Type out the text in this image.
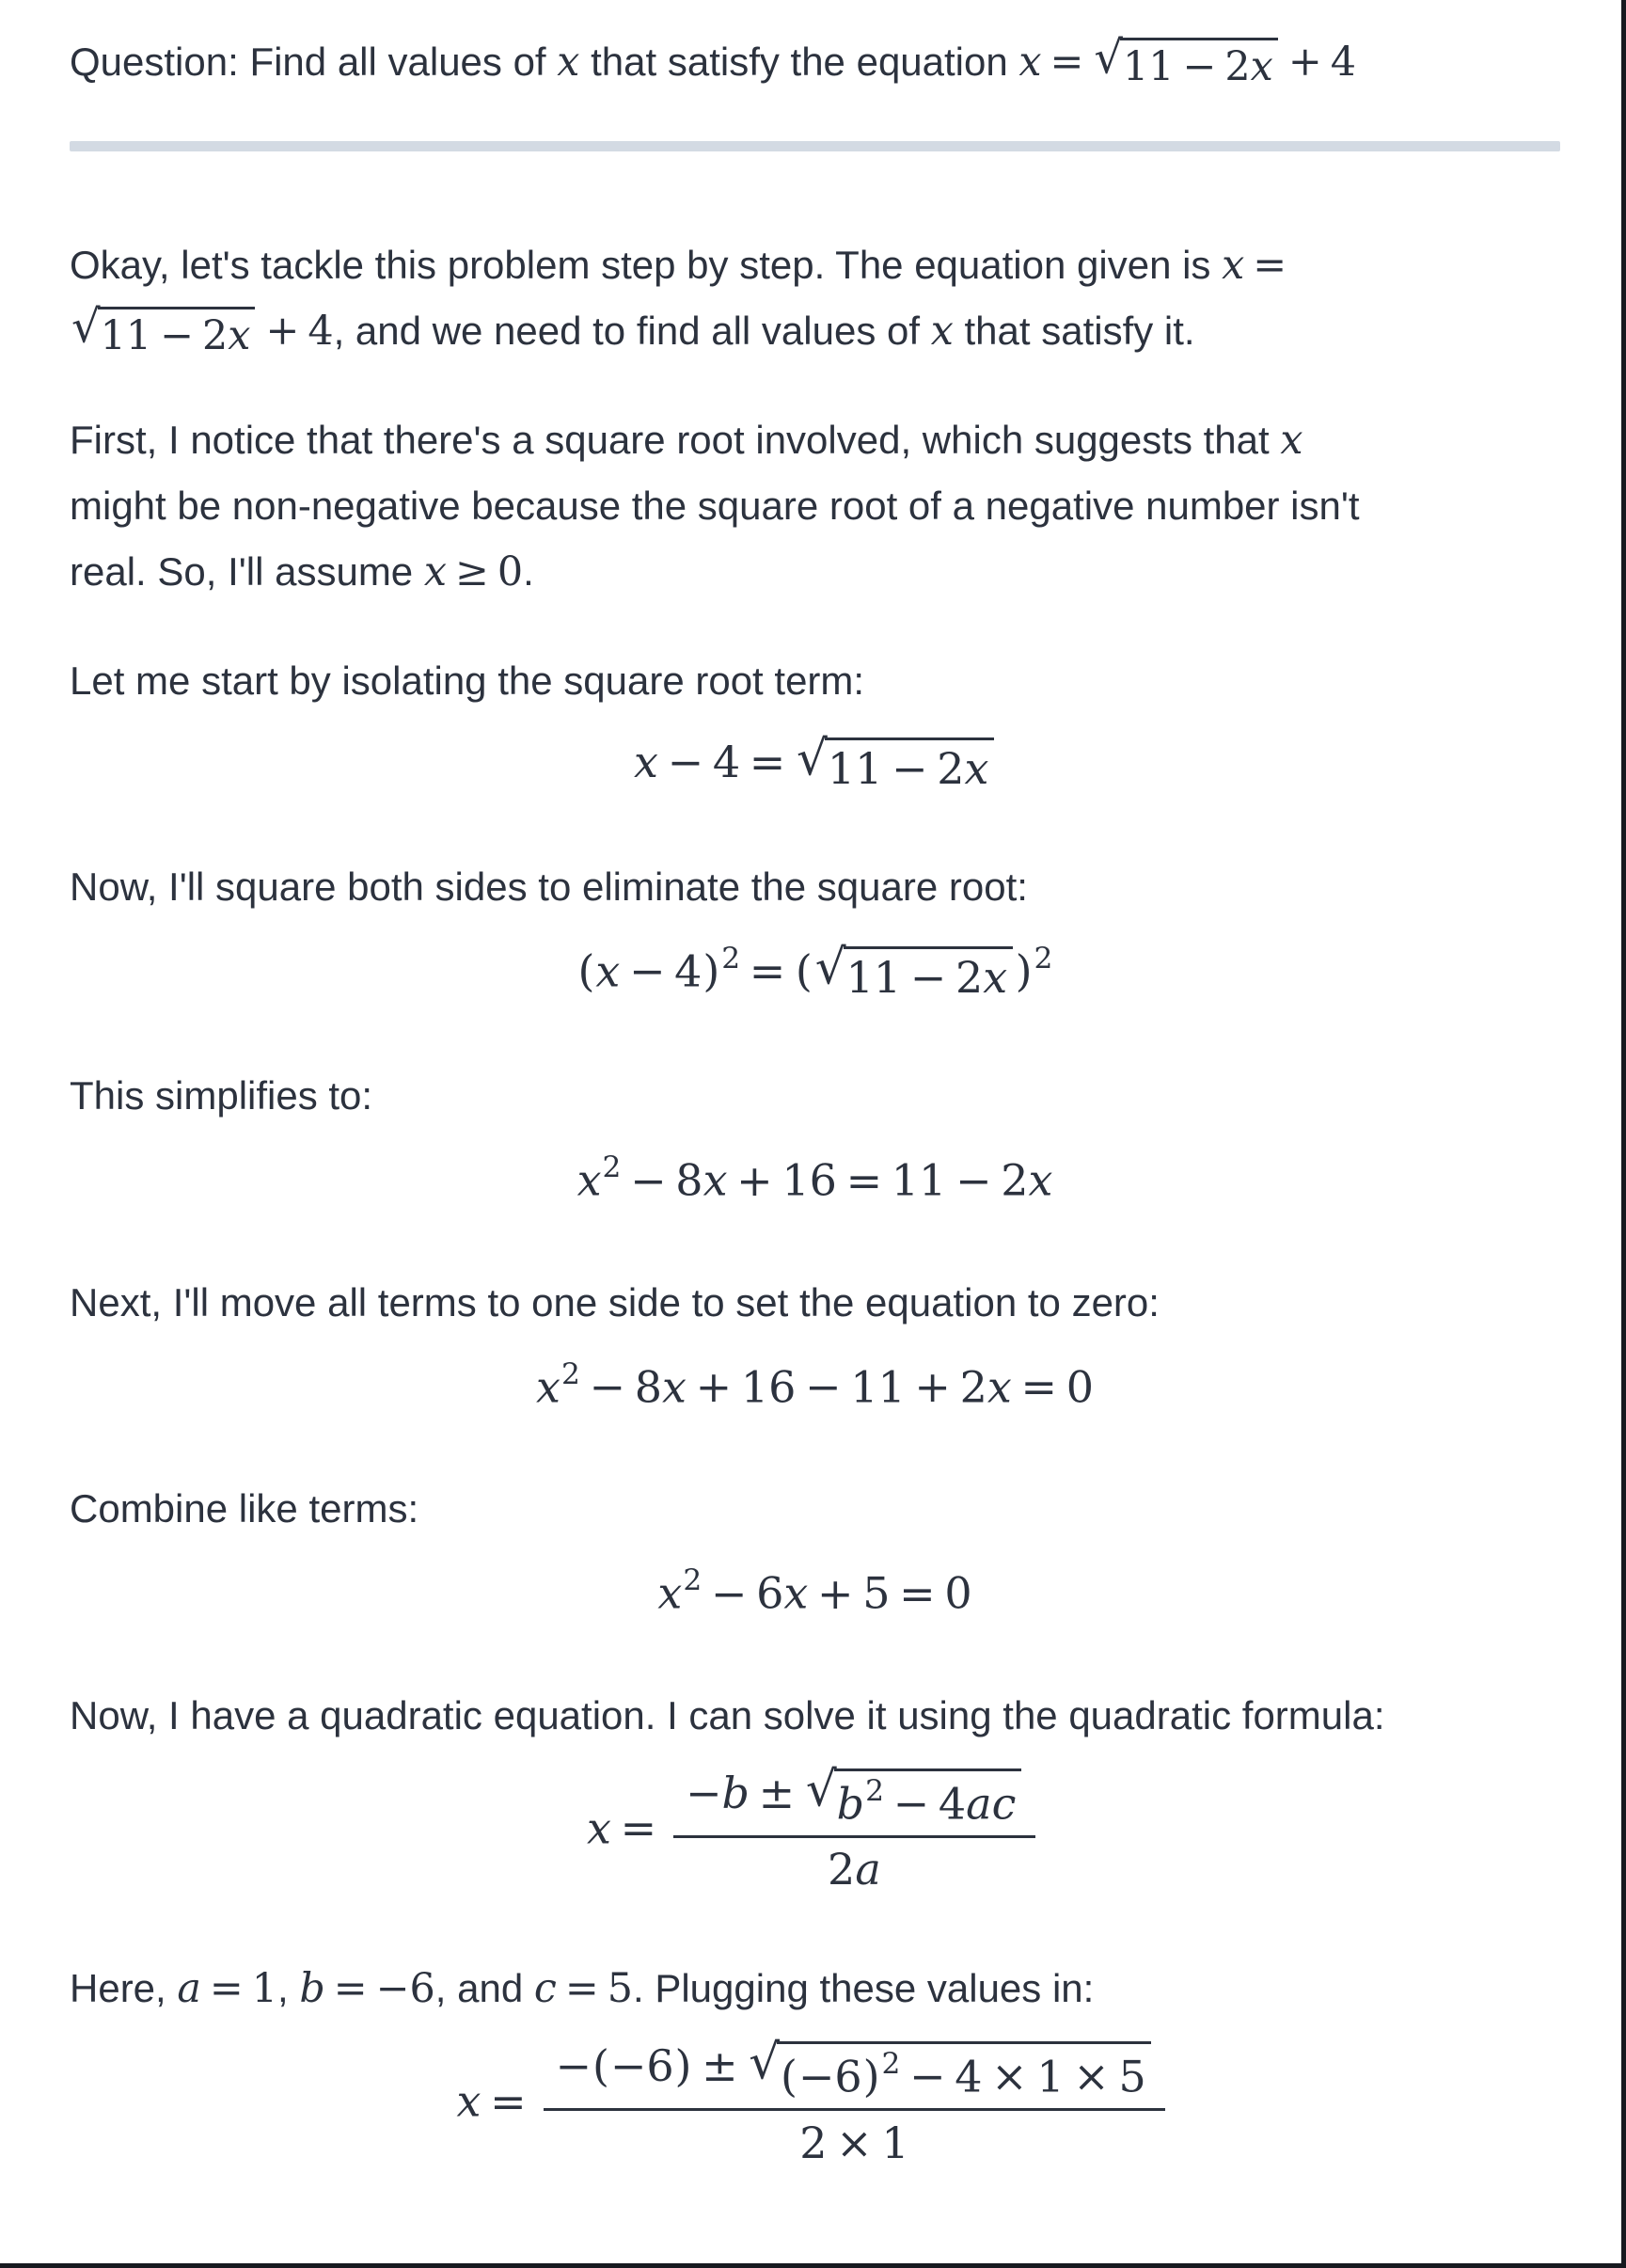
Question: Find all values of x that satisfy the equation x = √ 11 − 2x + 4

Okay, let's tackle this problem step by step. The equation given is x =

√ 11 − 2x + 4, and we need to find all values of x that satisfy it.

First, I notice that there's a square root involved, which suggests that x
might be non-negative because the square root of a negative number isn't
real. So, I'll assume x ≥ 0.

Let me start by isolating the square root term:

x − 4 = √ 11 − 2x

Now, I'll square both sides to eliminate the square root:

$(x - 4)^2$ = ( √ 11 − 2x )$^2$

This simplifies to:

$x^2 - 8x + 16 = 11 - 2x$

Next, I'll move all terms to one side to set the equation to zero:

$x^2 - 8x + 16 - 11 + 2x = 0$

Combine like terms:

$x^2 - 6x + 5 = 0$

Now, I have a quadratic equation. I can solve it using the quadratic formula:

$x = \frac{-b \pm √ b^2 - 4ac}{2a}$

Here, a = 1, b = −6, and c = 5. Plugging these values in:

$x = \frac{-(-6) \pm √ (-6)^2 - 4 \times 1 \times 5}{2 \times 1}$
